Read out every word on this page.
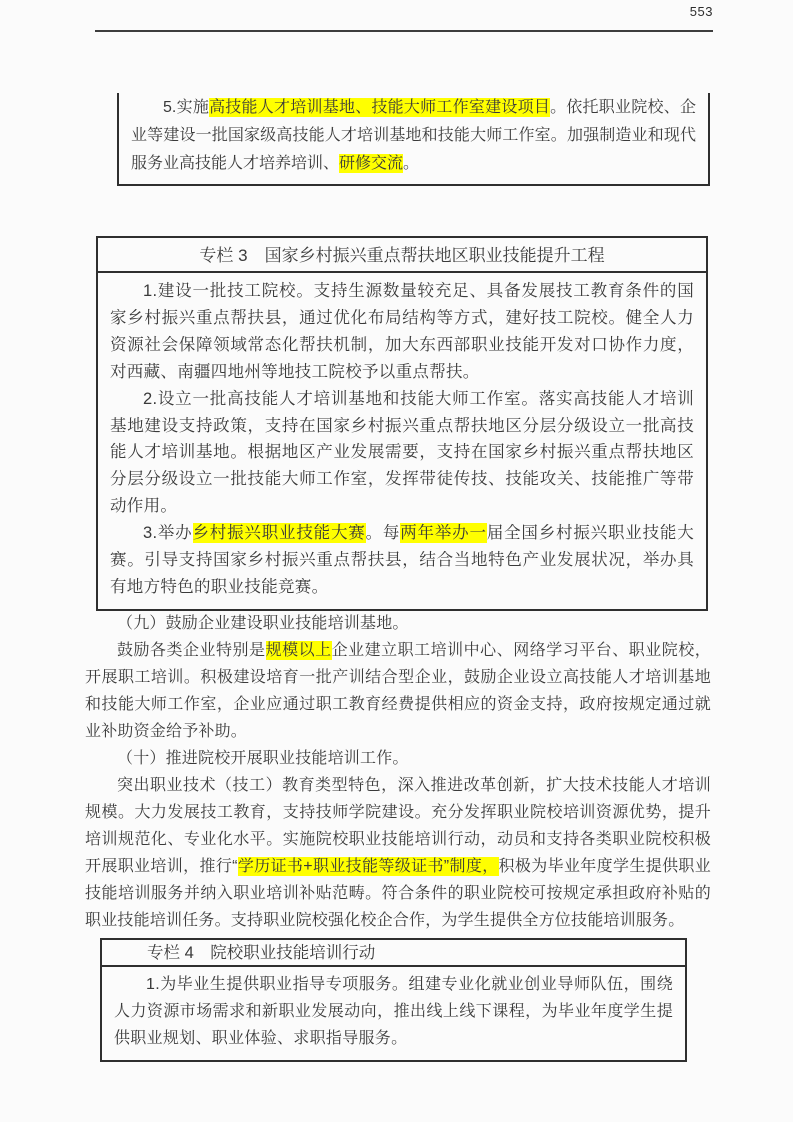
553

5.实施高技能人才培训基地、技能大师工作室建设项目。依托职业院校、企业等建设一批国家级高技能人才培训基地和技能大师工作室。加强制造业和现代服务业高技能人才培养培训、研修交流。

专栏 3　国家乡村振兴重点帮扶地区职业技能提升工程

1.建设一批技工院校。支持生源数量较充足、具备发展技工教育条件的国家乡村振兴重点帮扶县，通过优化布局结构等方式，建好技工院校。健全人力资源社会保障领域常态化帮扶机制，加大东西部职业技能开发对口协作力度，对西藏、南疆四地州等地技工院校予以重点帮扶。

2.设立一批高技能人才培训基地和技能大师工作室。落实高技能人才培训基地建设支持政策，支持在国家乡村振兴重点帮扶地区分层分级设立一批高技能人才培训基地。根据地区产业发展需要，支持在国家乡村振兴重点帮扶地区分层分级设立一批技能大师工作室，发挥带徒传技、技能攻关、技能推广等带动作用。

3.举办乡村振兴职业技能大赛。每两年举办一届全国乡村振兴职业技能大赛。引导支持国家乡村振兴重点帮扶县，结合当地特色产业发展状况，举办具有地方特色的职业技能竞赛。

（九）鼓励企业建设职业技能培训基地。

鼓励各类企业特别是规模以上企业建立职工培训中心、网络学习平台、职业院校，开展职工培训。积极建设培育一批产训结合型企业，鼓励企业设立高技能人才培训基地和技能大师工作室，企业应通过职工教育经费提供相应的资金支持，政府按规定通过就业补助资金给予补助。

（十）推进院校开展职业技能培训工作。

突出职业技术（技工）教育类型特色，深入推进改革创新，扩大技术技能人才培训规模。大力发展技工教育，支持技师学院建设。充分发挥职业院校培训资源优势，提升培训规范化、专业化水平。实施院校职业技能培训行动，动员和支持各类职业院校积极开展职业培训，推行“学历证书+职业技能等级证书”制度，积极为毕业年度学生提供职业技能培训服务并纳入职业培训补贴范畴。符合条件的职业院校可按规定承担政府补贴的职业技能培训任务。支持职业院校强化校企合作，为学生提供全方位技能培训服务。

专栏 4　院校职业技能培训行动

1.为毕业生提供职业指导专项服务。组建专业化就业创业导师队伍，围绕人力资源市场需求和新职业发展动向，推出线上线下课程，为毕业年度学生提供职业规划、职业体验、求职指导服务。
